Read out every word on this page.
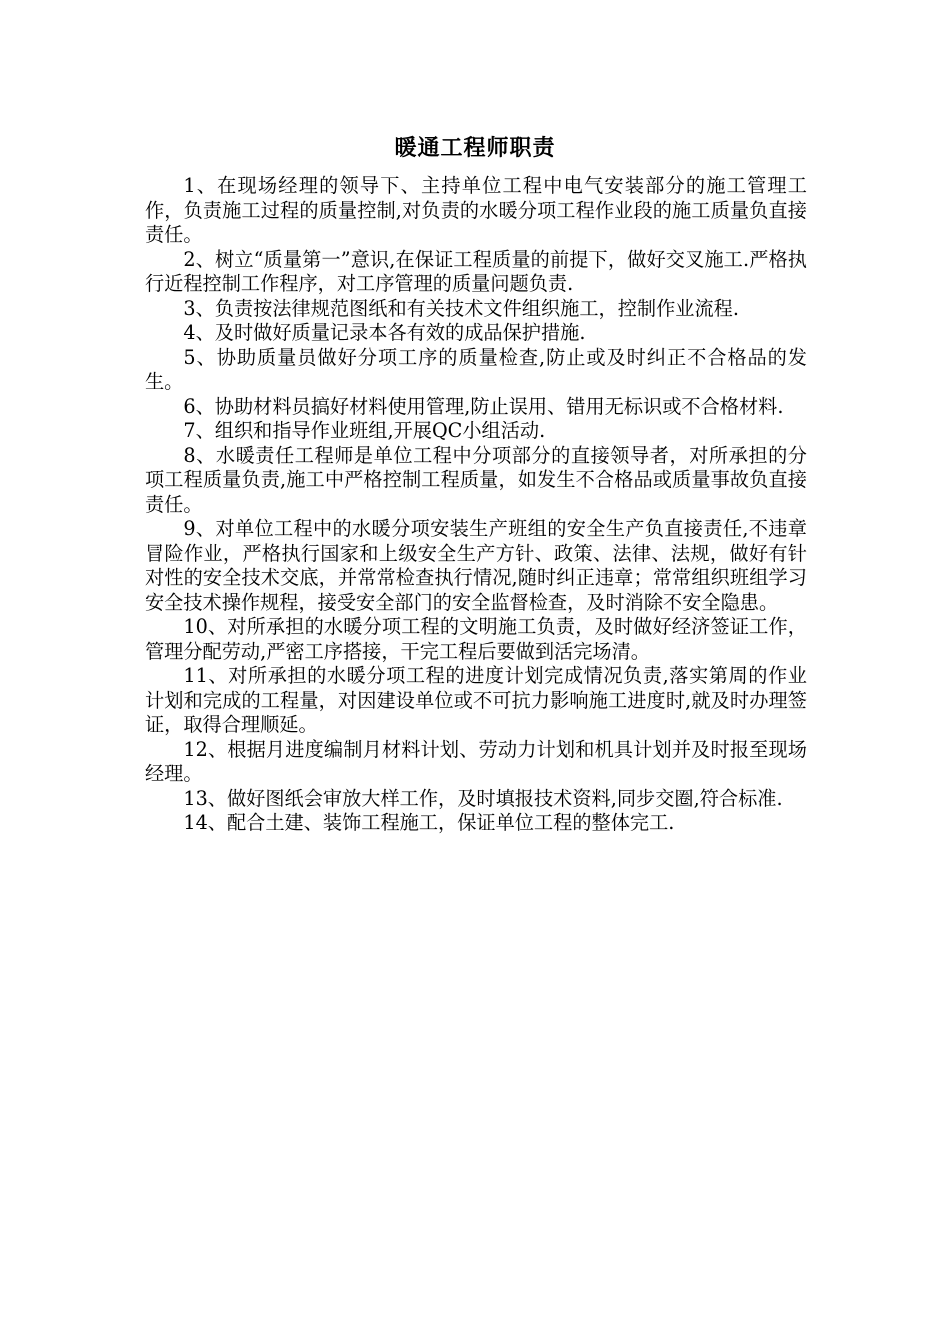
暖通工程师职责

1、在现场经理的领导下、主持单位工程中电气安装部分的施工管理工作，负责施工过程的质量控制,对负责的水暖分项工程作业段的施工质量负直接责任。

2、树立“质量第一”意识,在保证工程质量的前提下，做好交叉施工.严格执行近程控制工作程序，对工序管理的质量问题负责.

3、负责按法律规范图纸和有关技术文件组织施工，控制作业流程.

4、及时做好质量记录本各有效的成品保护措施.

5、协助质量员做好分项工序的质量检查,防止或及时纠正不合格品的发生。

6、协助材料员搞好材料使用管理,防止误用、错用无标识或不合格材料.

7、组织和指导作业班组,开展QC小组活动.

8、水暖责任工程师是单位工程中分项部分的直接领导者，对所承担的分项工程质量负责,施工中严格控制工程质量，如发生不合格品或质量事故负直接责任。

9、对单位工程中的水暖分项安装生产班组的安全生产负直接责任,不违章冒险作业，严格执行国家和上级安全生产方针、政策、法律、法规，做好有针对性的安全技术交底，并常常检查执行情况,随时纠正违章；常常组织班组学习安全技术操作规程，接受安全部门的安全监督检查，及时消除不安全隐患。

10、对所承担的水暖分项工程的文明施工负责，及时做好经济签证工作，管理分配劳动,严密工序搭接，干完工程后要做到活完场清。

11、对所承担的水暖分项工程的进度计划完成情况负责,落实第周的作业计划和完成的工程量，对因建设单位或不可抗力影响施工进度时,就及时办理签证，取得合理顺延。

12、根据月进度编制月材料计划、劳动力计划和机具计划并及时报至现场经理。

13、做好图纸会审放大样工作，及时填报技术资料,同步交圈,符合标准.

14、配合土建、装饰工程施工，保证单位工程的整体完工.
